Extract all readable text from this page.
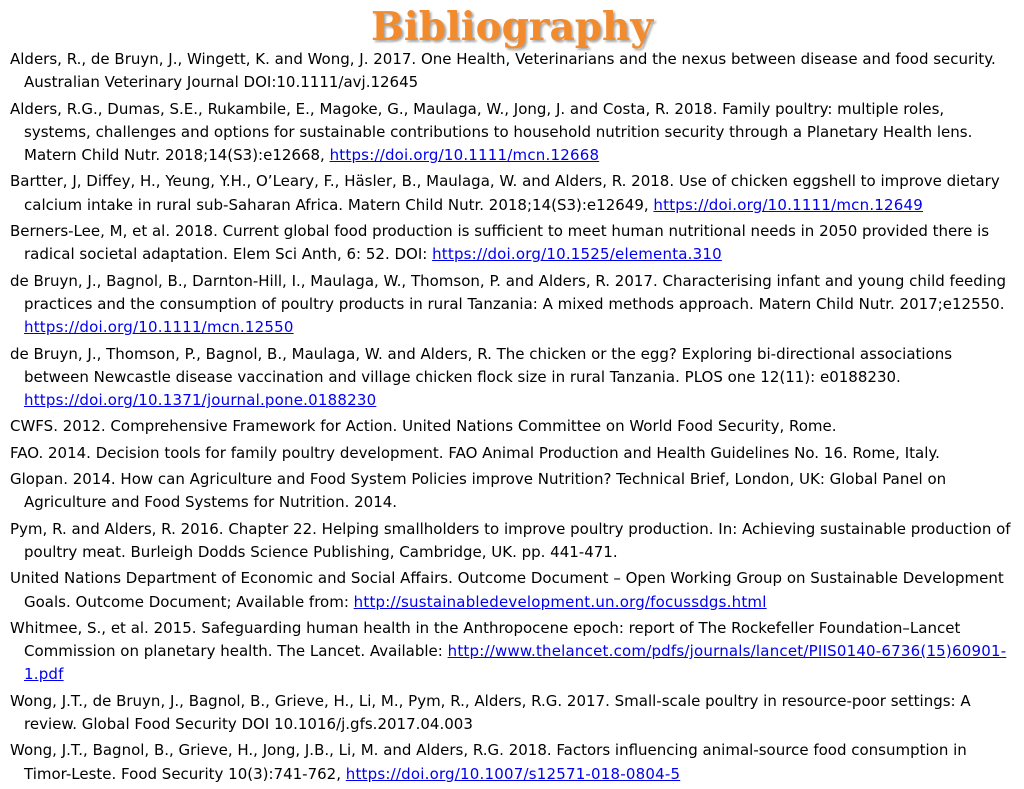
Bibliography
Alders, R., de Bruyn, J., Wingett, K. and Wong, J. 2017. One Health, Veterinarians and the nexus between disease and food security. Australian Veterinary Journal DOI:10.1111/avj.12645
Alders, R.G., Dumas, S.E., Rukambile, E., Magoke, G., Maulaga, W., Jong, J. and Costa, R. 2018. Family poultry: multiple roles, systems, challenges and options for sustainable contributions to household nutrition security through a Planetary Health lens. Matern Child Nutr. 2018;14(S3):e12668, https://doi.org/10.1111/mcn.12668
Bartter, J, Diffey, H., Yeung, Y.H., O’Leary, F., Häsler, B., Maulaga, W. and Alders, R. 2018. Use of chicken eggshell to improve dietary calcium intake in rural sub-Saharan Africa. Matern Child Nutr. 2018;14(S3):e12649, https://doi.org/10.1111/mcn.12649
Berners-Lee, M, et al. 2018. Current global food production is sufficient to meet human nutritional needs in 2050 provided there is radical societal adaptation. Elem Sci Anth, 6: 52. DOI: https://doi.org/10.1525/elementa.310
de Bruyn, J., Bagnol, B., Darnton-Hill, I., Maulaga, W., Thomson, P. and Alders, R. 2017. Characterising infant and young child feeding practices and the consumption of poultry products in rural Tanzania: A mixed methods approach. Matern Child Nutr. 2017;e12550. https://doi.org/10.1111/mcn.12550
de Bruyn, J., Thomson, P., Bagnol, B., Maulaga, W. and Alders, R. The chicken or the egg? Exploring bi-directional associations between Newcastle disease vaccination and village chicken flock size in rural Tanzania. PLOS one 12(11): e0188230. https://doi.org/10.1371/journal.pone.0188230
CWFS. 2012. Comprehensive Framework for Action. United Nations Committee on World Food Security, Rome.
FAO. 2014. Decision tools for family poultry development. FAO Animal Production and Health Guidelines No. 16. Rome, Italy.
Glopan. 2014. How can Agriculture and Food System Policies improve Nutrition? Technical Brief, London, UK: Global Panel on Agriculture and Food Systems for Nutrition. 2014.
Pym, R. and Alders, R. 2016. Chapter 22. Helping smallholders to improve poultry production. In: Achieving sustainable production of poultry meat. Burleigh Dodds Science Publishing, Cambridge, UK. pp. 441-471.
United Nations Department of Economic and Social Affairs. Outcome Document – Open Working Group on Sustainable Development Goals. Outcome Document; Available from: http://sustainabledevelopment.un.org/focussdgs.html
Whitmee, S., et al. 2015. Safeguarding human health in the Anthropocene epoch: report of The Rockefeller Foundation–Lancet Commission on planetary health. The Lancet. Available: http://www.thelancet.com/pdfs/journals/lancet/PIIS0140-6736(15)60901-1.pdf
Wong, J.T., de Bruyn, J., Bagnol, B., Grieve, H., Li, M., Pym, R., Alders, R.G. 2017. Small-scale poultry in resource-poor settings: A review. Global Food Security DOI 10.1016/j.gfs.2017.04.003
Wong, J.T., Bagnol, B., Grieve, H., Jong, J.B., Li, M. and Alders, R.G. 2018. Factors influencing animal-source food consumption in Timor-Leste. Food Security 10(3):741-762, https://doi.org/10.1007/s12571-018-0804-5
